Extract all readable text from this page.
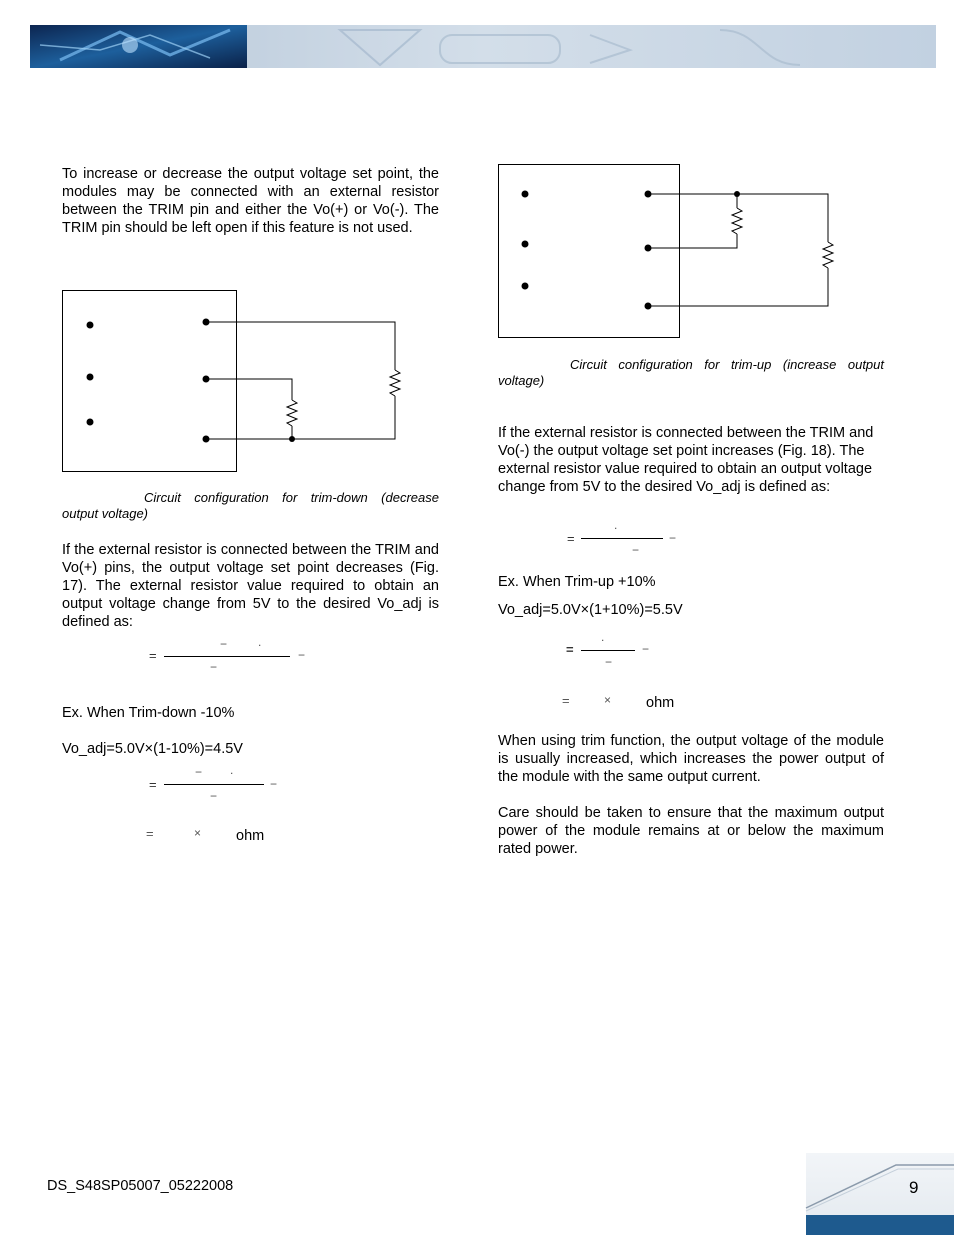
To increase or decrease the output voltage set point, the modules may be connected with an external resistor between the TRIM pin and either the Vo(+) or Vo(-). The TRIM pin should be left open if this feature is not used.
Circuit configuration for trim-down (decrease output voltage)
If the external resistor is connected between the TRIM and Vo(+) pins, the output voltage set point decreases (Fig. 17). The external resistor value required to obtain an output voltage change from 5V to the desired Vo_adj is defined as:
=
−	.
−
−
Ex. When Trim-down -10%
Vo_adj=5.0V×(1-10%)=4.5V
=
− .
−
−
=	× ohm
Circuit configuration for trim-up (increase output voltage)
If the external resistor is connected between the TRIM and Vo(-) the output voltage set point increases (Fig. 18). The external resistor value required to obtain an output voltage change from 5V to the desired Vo_adj is defined as:
=
.
−
−
Ex. When Trim-up +10%
Vo_adj=5.0V×(1+10%)=5.5V
=
.
−
−
=	× ohm
When using trim function, the output voltage of the module is usually increased, which increases the power output of the module with the same output current.
Care should be taken to ensure that the maximum output power of the module remains at or below the maximum rated power.
DS_S48SP05007_05222008	9
